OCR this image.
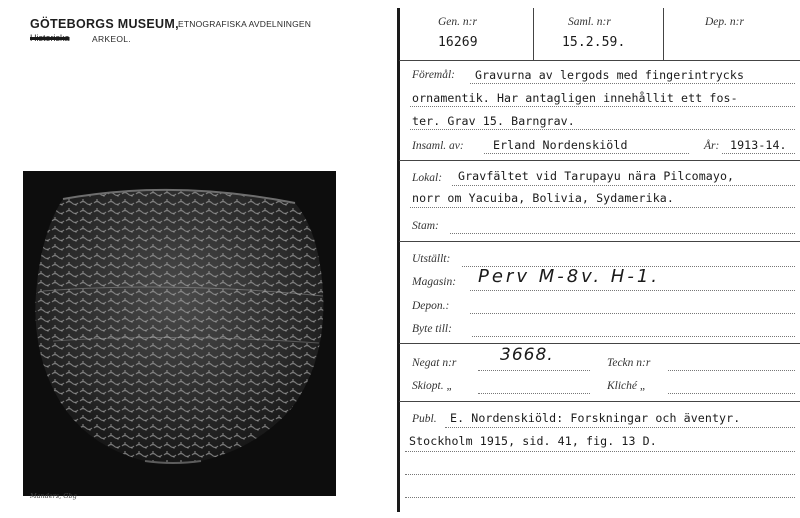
GÖTEBORGS MUSEUM, ETNOGRAFISKA AVDELNINGEN
Historiska	ARKEOL.
Manders, Gbg
Gen. n:r
16269
Saml. n:r
15.2.59.
Dep. n:r
Föremål: Gravurna av lergods med fingerintrycks
ornamentik. Har antagligen innehållit ett fos-
ter. Grav 15. Barngrav.
Insaml. av:	Erland Nordenskiöld	År: 1913-14.
Lokal: Gravfältet vid Tarupayu nära Pilcomayo,
norr om Yacuiba, Bolivia, Sydamerika.
Stam:
Utställt:
Magasin: Perv M-8v. H-1.
Depon.:
Byte till:
Negat n:r	3668.	Teckn n:r
Skiopt. „	Kliché „
Publ. E. Nordenskiöld: Forskningar och äventyr.
Stockholm 1915, sid. 41, fig. 13 D.
